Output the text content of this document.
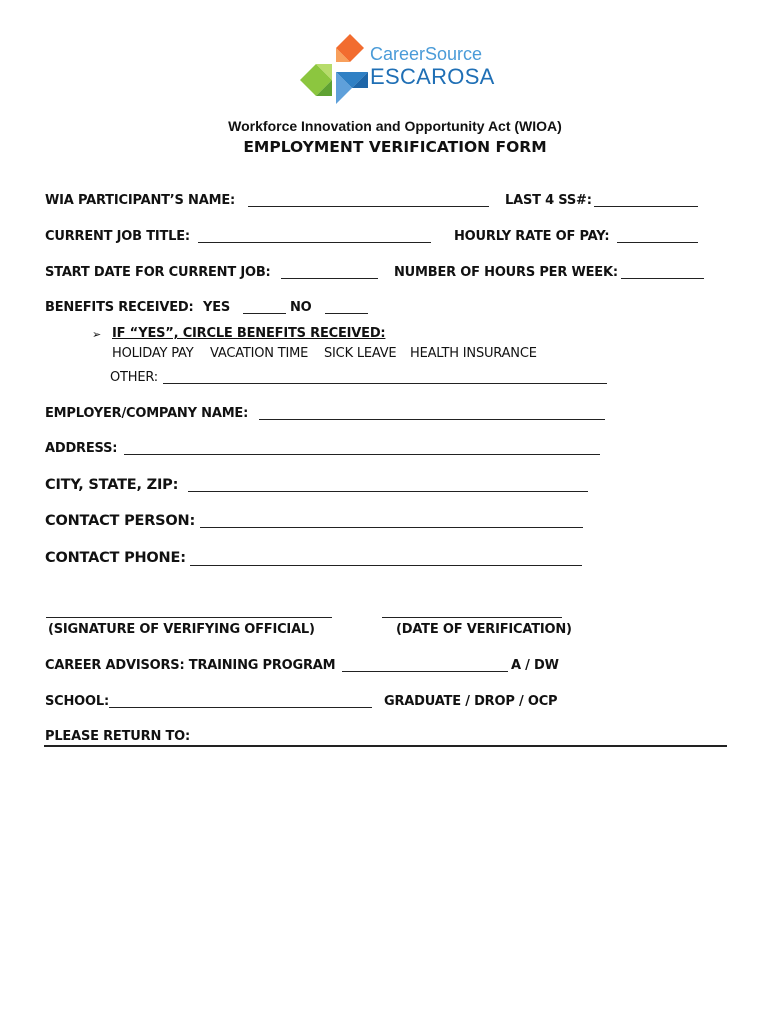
CareerSource
ESCAROSA
Workforce Innovation and Opportunity Act (WIOA)
EMPLOYMENT VERIFICATION FORM
WIA PARTICIPANT’S NAME:	LAST 4 SS#:
CURRENT JOB TITLE:	HOURLY RATE OF PAY:
START DATE FOR CURRENT JOB:	NUMBER OF HOURS PER WEEK:
BENEFITS RECEIVED: YES	NO
➢ IF “YES”, CIRCLE BENEFITS RECEIVED:
HOLIDAY PAY VACATION TIME SICK LEAVE HEALTH INSURANCE
OTHER:
EMPLOYER/COMPANY NAME:
ADDRESS:
CITY, STATE, ZIP:
CONTACT PERSON:
CONTACT PHONE:
(SIGNATURE OF VERIFYING OFFICIAL)	(DATE OF VERIFICATION)
CAREER ADVISORS: TRAINING PROGRAM	A / DW
SCHOOL:	GRADUATE / DROP / OCP
PLEASE RETURN TO:
